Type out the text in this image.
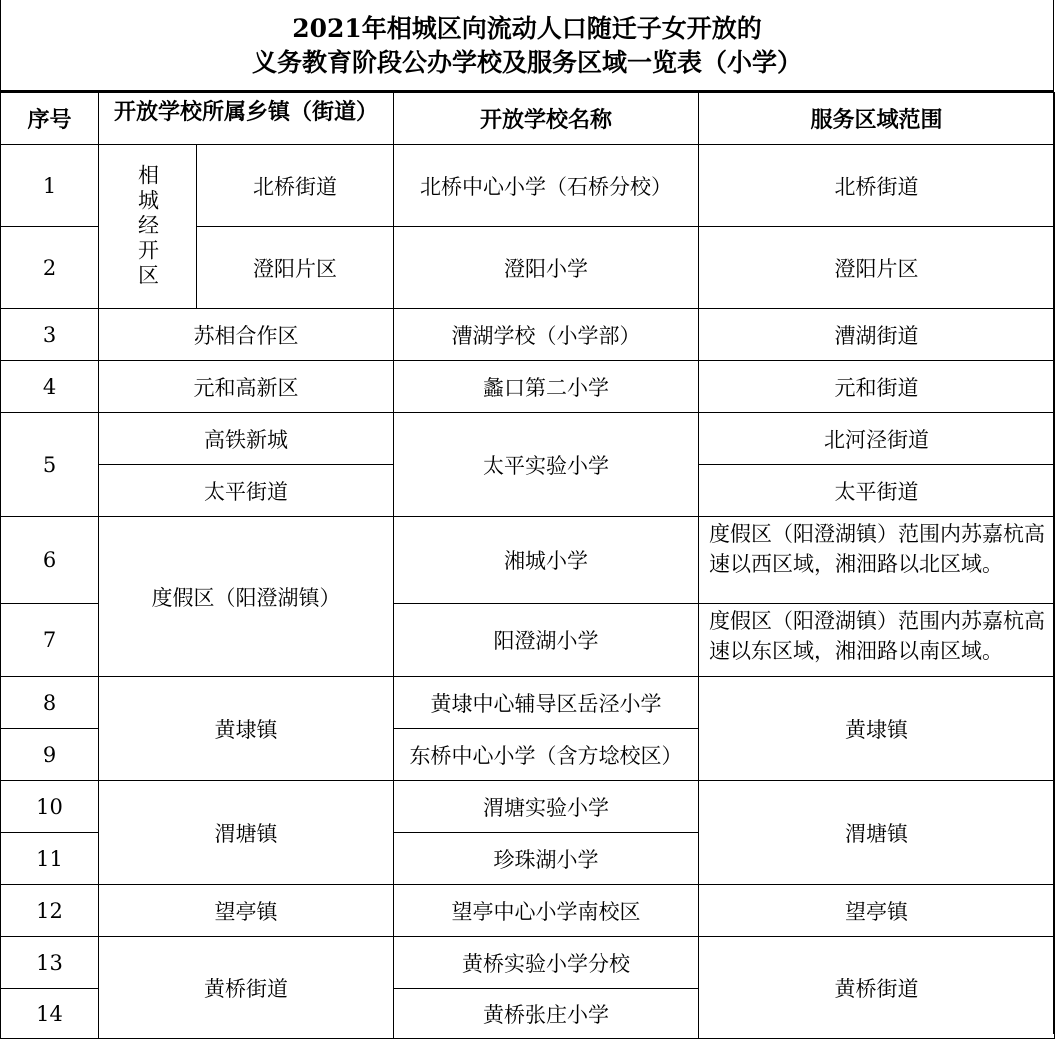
2021年相城区向流动人口随迁子女开放的
义务教育阶段公办学校及服务区域一览表（小学）
序号	开放学校所属乡镇（街道）		开放学校名称	服务区域范围
1	相城经开区	北桥街道	北桥中心小学（石桥分校）	北桥街道
2		澄阳片区	澄阳小学	澄阳片区
3	苏相合作区		漕湖学校（小学部）	漕湖街道
4	元和高新区		蠡口第二小学	元和街道
5	高铁新城		太平实验小学	北河泾街道
	太平街道			太平街道
6	度假区（阳澄湖镇）		湘城小学	度假区（阳澄湖镇）范围内苏嘉杭高速以西区域，湘沺路以北区域。

7			阳澄湖小学	度假区（阳澄湖镇）范围内苏嘉杭高速以东区域，湘沺路以南区域。

8	黄埭镇		黄埭中心辅导区岳泾小学	黄埭镇
9			东桥中心小学（含方埝校区）	
10	渭塘镇		渭塘实验小学	渭塘镇
11			珍珠湖小学	
12	望亭镇		望亭中心小学南校区	望亭镇
13	黄桥街道		黄桥实验小学分校	黄桥街道
14			黄桥张庄小学	
